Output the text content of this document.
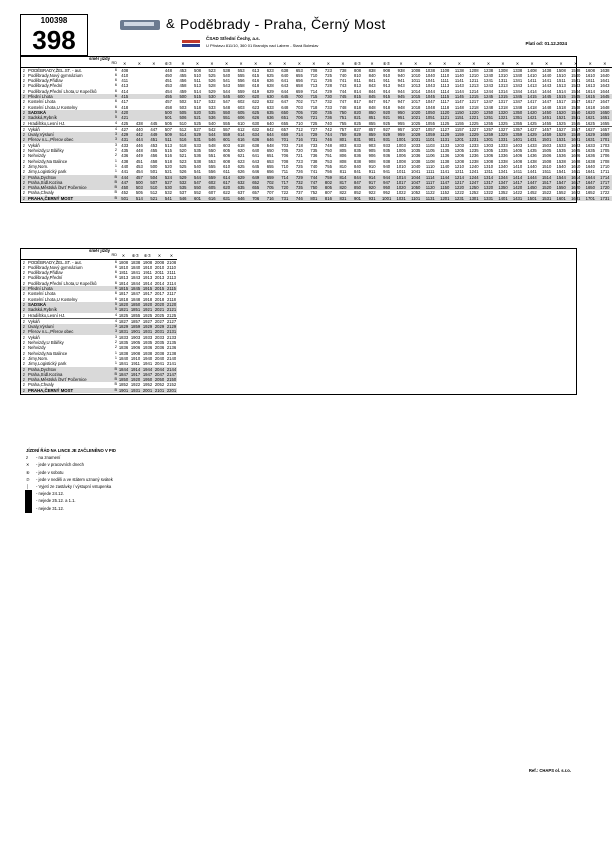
100398
398
& Poděbrady - Praha, Černý Most
ČSAD Střední Čechy, a.s.
U Přístavu 811/10, 360 01 Brandýs nad Labem - Stará Boleslav	Platí od: 01.12.2024
	směr jízdy																																			
		RD	✕	✕	✕	⑥⑦	✕	✕	✕	✕	✕	✕	✕	✕	✕	✕	✕	✕	⑥⑦	✕	⑥⑦	✕	✕	✕	✕	✕	✕	✕	✕	✕	✕	✕	✕	✕	✕	✕
z	PODĚBRADY,ŽEL.ST. - aut.	6	408			448	453	508	523	538	553	613	623	638	653	708	723	738	808	838	908	938	1008	1038	1108	1138	1208	1238	1308	1338	1408	1438	1508	1538	1608	1638
z	Poděbrady,Nový gymnázium	6	410			450	455	510	525	540	555	615	625	640	655	710	725	740	810	840	910	940	1010	1040	1110	1140	1210	1240	1310	1340	1410	1440	1510	1540	1610	1640
z	Poděbrady,Přidlav	6	411			451	456	511	526	541	556	616	626	641	656	711	726	741	811	841	911	941	1011	1041	1111	1141	1211	1241	1311	1341	1411	1441	1511	1541	1611	1641
z	Poděbrady,Přední	6	413			453	458	513	528	543	558	618	628	643	658	713	728	743	813	843	913	943	1013	1043	1113	1143	1213	1243	1313	1343	1413	1443	1513	1543	1613	1643
z	Poděbrady,Přední Lhota,U Kopečků	6	414			454	459	514	529	544	559	619	629	644	659	714	729	744	814	844	914	944	1014	1044	1114	1144	1214	1244	1314	1344	1414	1444	1514	1544	1614	1644
z	Přední Lhota	6	415			455	500	515	530	545	600	620	630	645	700	715	730	745	815	845	915	945	1015	1045	1115	1145	1215	1245	1315	1345	1415	1445	1515	1545	1615	1645
z	Kostelní Lhota	6	417			457	502	517	532	547	602	622	632	647	702	717	732	747	817	847	917	947	1017	1047	1117	1147	1217	1247	1317	1347	1417	1447	1517	1547	1617	1647
z	Kostelní Lhota,U Kostelny	6	418			458	503	518	533	548	603	623	633	648	703	718	733	748	818	848	918	948	1018	1048	1118	1148	1218	1248	1318	1348	1418	1448	1518	1548	1618	1648
z	SADSKÁ	5	420			500	505	520	535	550	605	625	635	650	705	720	735	750	820	850	920	950	1020	1050	1120	1150	1220	1250	1320	1350	1420	1450	1520	1550	1620	1650
z	Sadská,Rybník	5	421			501	506	521	536	551	606	626	636	651	706	721	736	751	821	851	921	951	1021	1051	1121	1151	1221	1251	1321	1351	1421	1451	1521	1551	1621	1651
z	Hradištko,Lesní HJ.	4	425	438	445	505	510	525	540	555	610	630	640	655	710	725	740	755	825	855	925	955	1025	1055	1125	1155	1225	1255	1325	1355	1425	1455	1525	1555	1625	1655
z	Vykáň	4	427	440	447	507	512	527	542	557	612	632	642	657	712	727	742	757	827	857	927	957	1027	1057	1127	1157	1227	1257	1327	1357	1427	1457	1527	1557	1627	1657
z	Úvaly,Výsluní	3	429	442	449	509	514	529	544	559	614	634	644	659	714	729	744	759	829	859	929	959	1029	1059	1129	1159	1229	1259	1329	1359	1429	1459	1529	1559	1629	1659
z	Přerov n.L.,Přerov obec	3	431	444	451	511	516	531	546	601	616	636	646	701	716	731	746	801	831	901	931	1001	1031	1101	1131	1201	1231	1301	1331	1401	1431	1501	1531	1601	1631	1701
z	Vykáň	3	433	446	453	513	518	533	548	603	618	638	648	703	718	733	748	803	833	903	933	1003	1033	1103	1133	1203	1233	1303	1333	1403	1433	1503	1533	1603	1633	1703
z	Nehvizdy,U Bláňky	2	435	448	455	515	520	535	550	605	620	640	650	705	720	735	750	805	835	905	935	1005	1035	1105	1135	1205	1235	1305	1335	1405	1435	1505	1535	1605	1635	1705
z	Nehvizdy	2	436	449	456	516	521	536	551	606	621	641	651	706	721	736	751	806	836	906	936	1006	1036	1106	1136	1206	1236	1306	1336	1406	1436	1506	1536	1606	1636	1706
z	Nehvizdy,Na Balince	1	438	451	458	518	523	538	553	608	623	643	653	708	723	738	753	808	838	908	938	1008	1038	1108	1138	1208	1238	1308	1338	1408	1438	1508	1538	1608	1638	1708
z	Jirny,Nom.	1	440	453	500	520	525	540	555	610	625	645	655	710	725	740	755	810	840	910	940	1010	1040	1110	1140	1210	1240	1310	1340	1410	1440	1510	1540	1610	1640	1710
z	Jirny,Logistický park	1	441	454	501	521	526	541	556	611	626	646	656	711	726	741	756	811	841	911	941	1011	1041	1111	1141	1211	1241	1311	1341	1411	1441	1511	1541	1611	1641	1711
z	Praha,Dychtov	B	444	457	504	524	529	544	559	614	629	649	659	714	729	744	759	814	844	914	944	1014	1044	1114	1144	1214	1244	1314	1344	1414	1444	1514	1544	1614	1644	1714
z	Praha,Sídl.Kozina	B	447	500	507	527	532	547	602	617	632	652	702	717	732	747	802	817	847	917	947	1017	1047	1117	1147	1217	1247	1317	1347	1417	1447	1517	1547	1617	1647	1717
z	Praha,Městská čtvrť Počernice	B	450	503	510	530	535	550	605	620	635	655	705	720	735	750	805	820	850	920	950	1020	1050	1120	1150	1220	1250	1320	1350	1420	1450	1520	1550	1620	1650	1720
z	Praha,Chvaly	B	452	505	512	532	537	552	607	622	637	657	707	722	737	752	807	822	852	922	952	1022	1052	1122	1152	1222	1252	1322	1352	1422	1452	1522	1552	1622	1652	1722
z	PRAHA,ČERNÝ MOST	B	501	514	521	541	546	601	616	631	646	706	716	731	746	801	816	831	901	931	1001	1031	1101	1131	1201	1231	1301	1331	1401	1431	1501	1531	1601	1631	1701	1731
	směr jízdy						
		RD	✕	⑥⑦	⑥⑦	✕	✕
z	PODĚBRADY,ŽEL.ST. - aut.	6	1808	1838	1908	2008	2108
z	Poděbrady,Nový gymnázium	6	1810	1840	1910	2010	2110
z	Poděbrady,Přidlav	6	1811	1841	1911	2011	2111
z	Poděbrady,Přední	6	1813	1843	1913	2013	2113
z	Poděbrady,Přední Lhota,U Kopečků	6	1814	1844	1914	2014	2114
z	Přední Lhota	6	1815	1845	1915	2015	2115
z	Kostelní Lhota	6	1817	1847	1917	2017	2117
z	Kostelní Lhota,U Kostelny	6	1818	1848	1918	2018	2118
z	SADSKÁ	5	1820	1850	1920	2020	2120
z	Sadská,Rybník	5	1821	1851	1921	2021	2121
z	Hradištko,Lesní HJ.	4	1825	1855	1925	2025	2125
z	Vykáň	4	1827	1857	1927	2027	2127
z	Úvaly,Výsluní	3	1829	1859	1929	2029	2129
z	Přerov n.L.,Přerov obec	3	1831	1901	1931	2031	2131
z	Vykáň	3	1833	1903	1933	2033	2133
z	Nehvizdy,U Bláňky	2	1835	1905	1935	2035	2135
z	Nehvizdy	2	1836	1906	1936	2036	2136
z	Nehvizdy,Na Balince	1	1838	1908	1938	2038	2138
z	Jirny,Nom.	1	1840	1910	1940	2040	2140
z	Jirny,Logistický park	1	1841	1911	1941	2041	2141
z	Praha,Dychtov	B	1844	1914	1944	2044	2144
z	Praha,Sídl.Kozina	B	1847	1917	1947	2047	2147
z	Praha,Městská čtvrť Počernice	B	1850	1920	1950	2050	2150
z	Praha,Chvaly	B	1852	1922	1952	2052	2152
z	PRAHA,ČERNÝ MOST	B	1901	1931	2001	2101	2201
JÍZDNÍ ŘÁD NA LINCE JE ZAČLENĚNO V PID
z - na znamení
✕ - jede v pracovních dnech
⑥ - jede v sobotu
⑦ - jede v neděli a ve státem uznaný svátek
│ - Vyjetí ze zastávky / výstupní vstupenka
- nejede 24.12.
- nejede 25.12. a 1.1.
- nejede 31.12.
Ref.: CHAPS ol. s.r.o.
